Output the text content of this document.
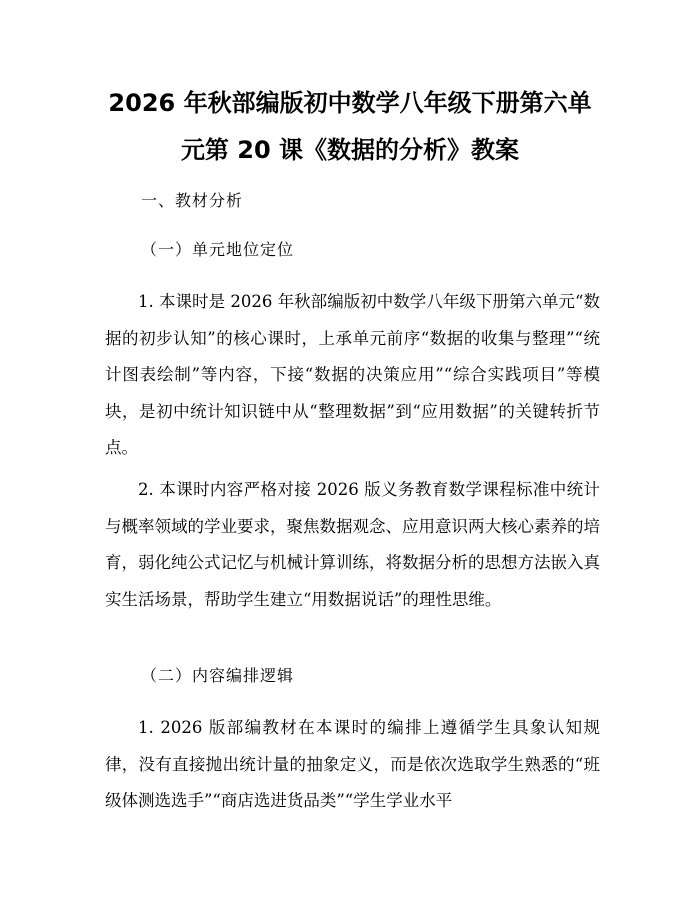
2026 年秋部编版初中数学八年级下册第六单
元第 20 课《数据的分析》教案
一、教材分析
（一）单元地位定位

1. 本课时是 2026 年秋部编版初中数学八年级下册第六单元“数据的初步认知”的核心课时，上承单元前序“数据的收集与整理”“统计图表绘制”等内容，下接“数据的决策应用”“综合实践项目”等模块，是初中统计知识链中从“整理数据”到“应用数据”的关键转折节点。

2. 本课时内容严格对接 2026 版义务教育数学课程标准中统计与概率领域的学业要求，聚焦数据观念、应用意识两大核心素养的培育，弱化纯公式记忆与机械计算训练，将数据分析的思想方法嵌入真实生活场景，帮助学生建立“用数据说话”的理性思维。

（二）内容编排逻辑

1. 2026 版部编教材在本课时的编排上遵循学生具象认知规律，没有直接抛出统计量的抽象定义，而是依次选取学生熟悉的“班级体测选选手”“商店选进货品类”“学生学业水平
